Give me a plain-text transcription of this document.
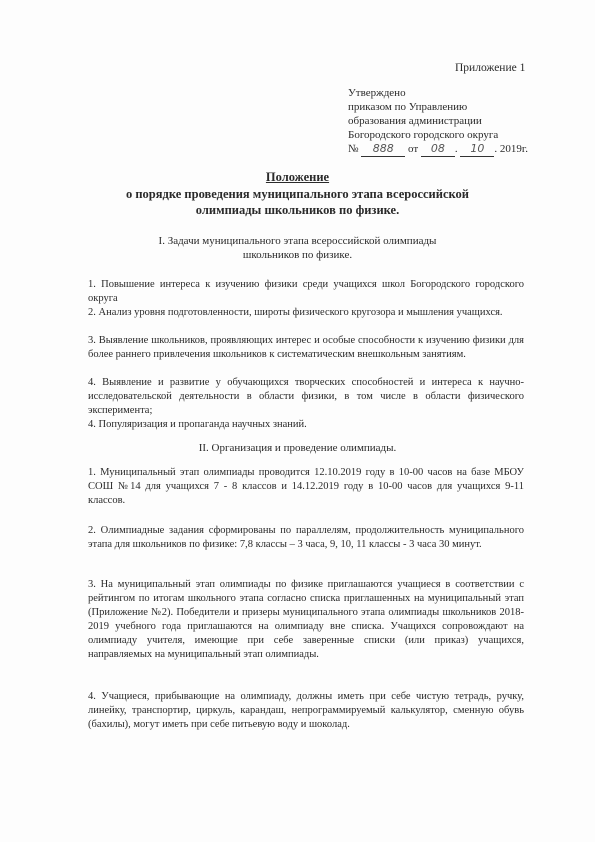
Приложение 1
Утверждено
приказом по Управлению
образования администрации
Богородского городского округа
№ 888 от 08 . 10 . 2019г.
Положение
о порядке проведения муниципального этапа всероссийской
олимпиады школьников по физике.
I. Задачи муниципального этапа всероссийской олимпиады
школьников по физике.
1. Повышение интереса к изучению физики среди учащихся школ Богородского городского округа
2. Анализ уровня подготовленности, широты физического кругозора и мышления учащихся.
3. Выявление школьников, проявляющих интерес и особые способности к изучению физики для более раннего привлечения школьников к систематическим внешкольным занятиям.
4. Выявление и развитие у обучающихся творческих способностей и интереса к научно-исследовательской деятельности в области физики, в том числе в области физического эксперимента;
4. Популяризация и пропаганда научных знаний.
II. Организация и проведение олимпиады.
1. Муниципальный этап олимпиады проводится 12.10.2019 году в 10-00 часов на базе МБОУ СОШ №14 для учащихся 7 - 8 классов и 14.12.2019 году в 10-00 часов для учащихся 9-11 классов.
2. Олимпиадные задания сформированы по параллелям, продолжительность муниципального этапа для школьников по физике: 7,8 классы – 3 часа, 9, 10, 11 классы - 3 часа 30 минут.
3. На муниципальный этап олимпиады по физике приглашаются учащиеся в соответствии с рейтингом по итогам школьного этапа согласно списка приглашенных на муниципальный этап (Приложение №2). Победители и призеры муниципального этапа олимпиады школьников 2018-2019 учебного года приглашаются на олимпиаду вне списка. Учащихся сопровождают на олимпиаду учителя, имеющие при себе заверенные списки (или приказ) учащихся, направляемых на муниципальный этап олимпиады.
4. Учащиеся, прибывающие на олимпиаду, должны иметь при себе чистую тетрадь, ручку, линейку, транспортир, циркуль, карандаш, непрограммируемый калькулятор, сменную обувь (бахилы), могут иметь при себе питьевую воду и шоколад.
